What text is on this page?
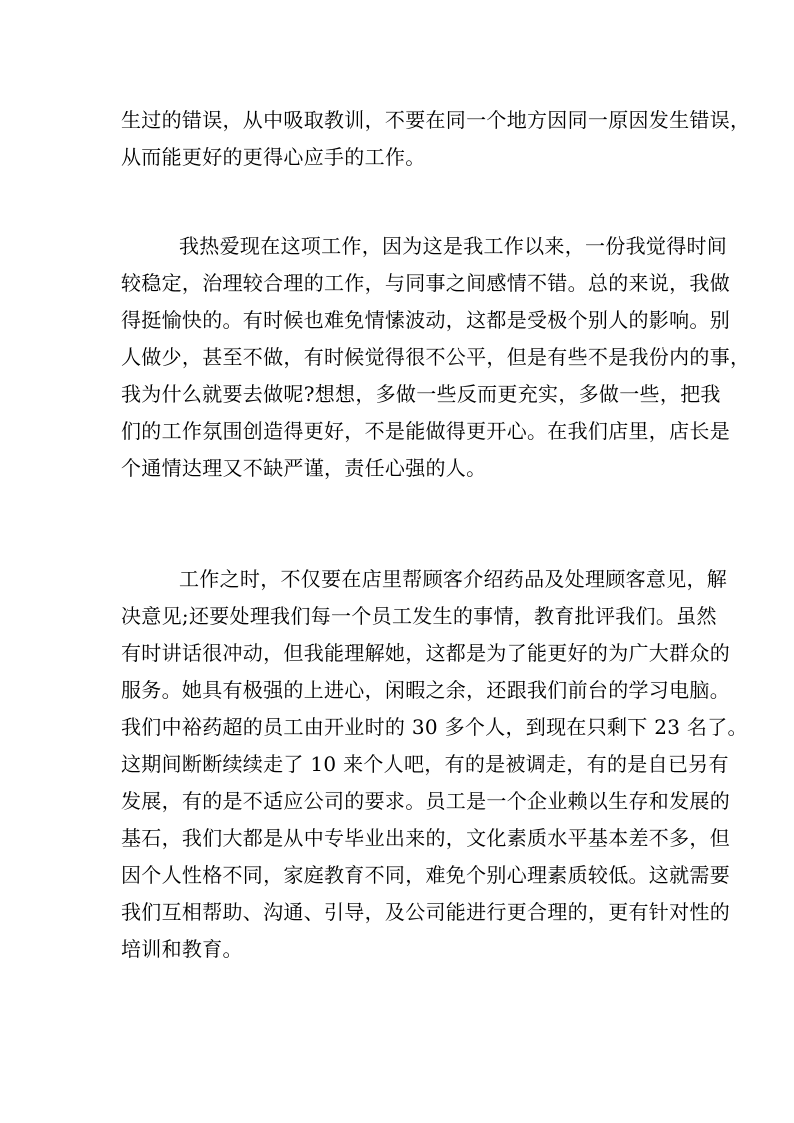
生过的错误，从中吸取教训，不要在同一个地方因同一原因发生错误，
从而能更好的更得心应手的工作。
我热爱现在这项工作，因为这是我工作以来，一份我觉得时间
较稳定，治理较合理的工作，与同事之间感情不错。总的来说，我做
得挺愉快的。有时候也难免情愫波动，这都是受极个别人的影响。别
人做少，甚至不做，有时候觉得很不公平，但是有些不是我份内的事，
我为什么就要去做呢?想想，多做一些反而更充实，多做一些，把我
们的工作氛围创造得更好，不是能做得更开心。在我们店里，店长是
个通情达理又不缺严谨，责任心强的人。
工作之时，不仅要在店里帮顾客介绍药品及处理顾客意见，解
决意见;还要处理我们每一个员工发生的事情，教育批评我们。虽然
有时讲话很冲动，但我能理解她，这都是为了能更好的为广大群众的
服务。她具有极强的上进心，闲暇之余，还跟我们前台的学习电脑。
我们中裕药超的员工由开业时的 30 多个人，到现在只剩下 23 名了。
这期间断断续续走了 10 来个人吧，有的是被调走，有的是自已另有
发展，有的是不适应公司的要求。员工是一个企业赖以生存和发展的
基石，我们大都是从中专毕业出来的，文化素质水平基本差不多，但
因个人性格不同，家庭教育不同，难免个别心理素质较低。这就需要
我们互相帮助、沟通、引导，及公司能进行更合理的，更有针对性的
培训和教育。
